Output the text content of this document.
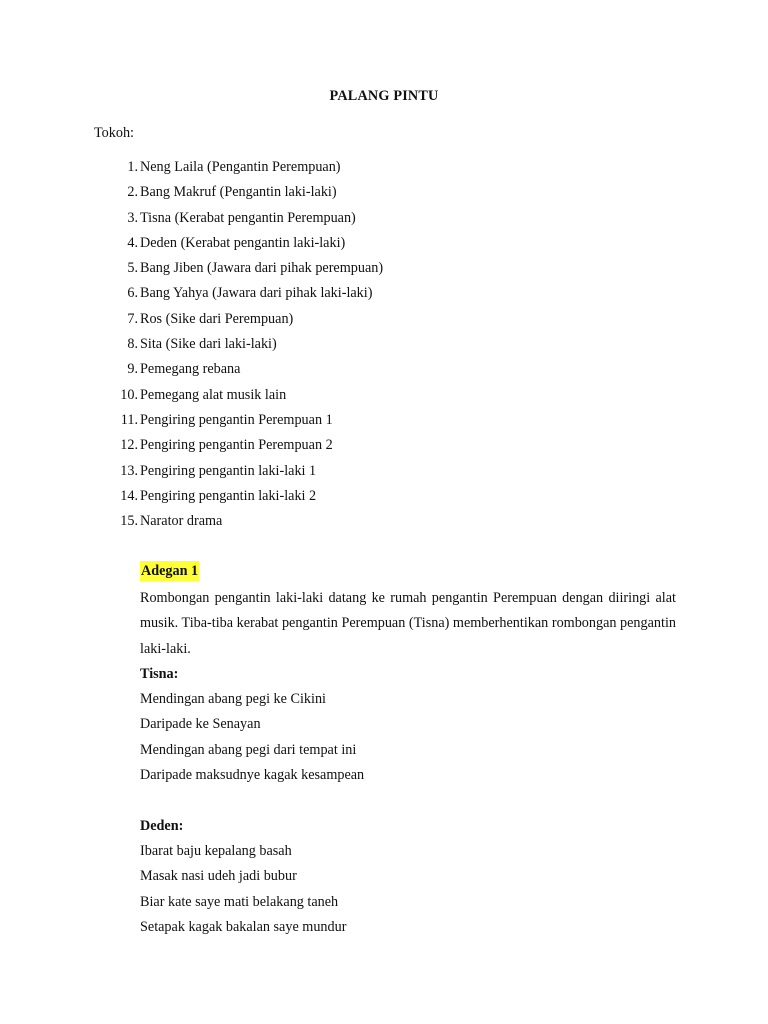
PALANG PINTU
Tokoh:
1. Neng Laila (Pengantin Perempuan)
2. Bang Makruf (Pengantin laki-laki)
3. Tisna (Kerabat pengantin Perempuan)
4. Deden (Kerabat pengantin laki-laki)
5. Bang Jiben (Jawara dari pihak perempuan)
6. Bang Yahya (Jawara dari pihak laki-laki)
7. Ros (Sike dari Perempuan)
8. Sita (Sike dari laki-laki)
9. Pemegang rebana
10. Pemegang alat musik lain
11. Pengiring pengantin Perempuan 1
12. Pengiring pengantin Perempuan 2
13. Pengiring pengantin laki-laki 1
14. Pengiring pengantin laki-laki 2
15. Narator drama
Adegan 1

Rombongan pengantin laki-laki datang ke rumah pengantin Perempuan dengan diiringi alat musik. Tiba-tiba kerabat pengantin Perempuan (Tisna) memberhentikan rombongan pengantin laki-laki.

Tisna:
Mendingan abang pegi ke Cikini
Daripade ke Senayan
Mendingan abang pegi dari tempat ini
Daripade maksudnye kagak kesampean
Deden:
Ibarat baju kepalang basah
Masak nasi udeh jadi bubur
Biar kate saye mati belakang taneh
Setapak kagak bakalan saye mundur
